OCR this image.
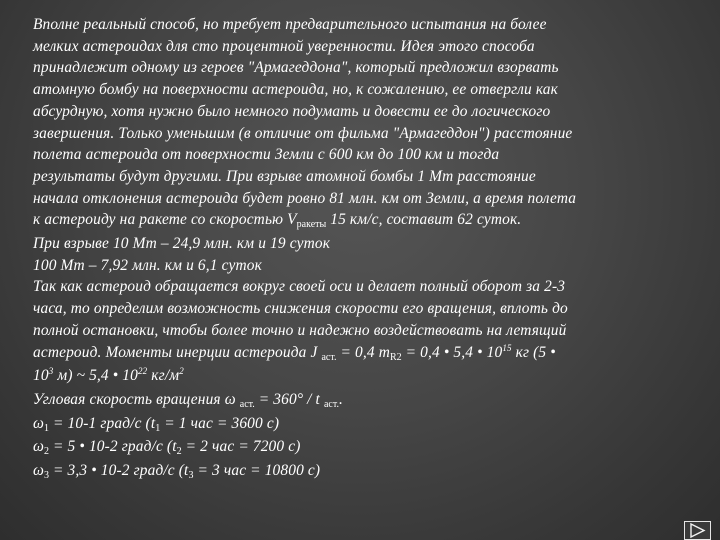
Вполне реальный способ, но требует предварительного испытания на более
мелких астероидах для сто процентной уверенности. Идея этого способа
принадлежит одному из героев "Армагеддона", который предложил взорвать
атомную бомбу на поверхности астероида, но, к сожалению, ее отвергли как
абсурдную, хотя нужно было немного подумать и довести ее до логического
завершения. Только уменьшим (в отличие от фильма "Армагеддон") расстояние
полета астероида от поверхности Земли с 600 км до 100 км и тогда
результаты будут другими. При взрыве атомной бомбы 1 Мт расстояние
начала отклонения астероида будет ровно 81 млн. км от Земли, а время полета
к астероиду на ракете со скоростью Vракеты 15 км/с, составит 62 суток.
При взрыве 10 Мт – 24,9 млн. км и 19 суток
100 Мт – 7,92 млн. км и 6,1 суток
Так как астероид обращается вокруг своей оси и делает полный оборот за 2-3
часа, то определим возможность снижения скорости его вращения, вплоть до
полной остановки, чтобы более точно и надежно воздействовать на летящий
астероид. Моменты инерции астероида J аст. = 0,4 mR2 = 0,4 • 5,4 • $10^{15}$ кг (5 •
$10^3$ м) ~ 5,4 • $10^{22}$ $кг/м^2$
Угловая скорость вращения ω аст. = 360° / t аст..
ω1 = 10-1 град/с (t1 = 1 час = 3600 с)
ω2 = 5 • 10-2 град/с (t2 = 2 час = 7200 с)
ω3 = 3,3 • 10-2 град/с (t3 = 3 час = 10800 с)
